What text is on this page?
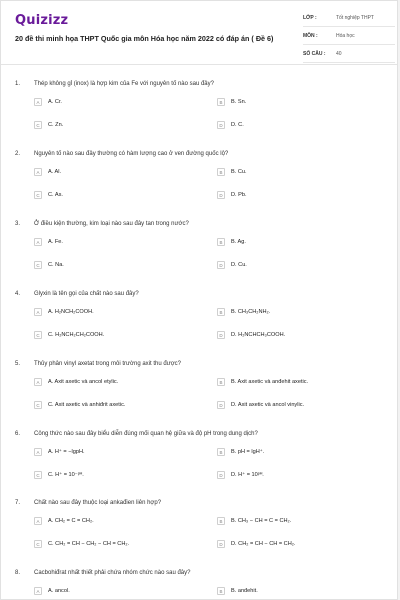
Quizizz
20 đề thi minh họa THPT Quốc gia môn Hóa học năm 2022 có đáp án ( Đề 6)
LỚP :	Tốt nghiệp THPT
MÔN :	Hóa học
SỐ CÂU :	40
1. Thép không gỉ (inox) là hợp kim của Fe với nguyên tố nào sau đây?
A	A. Cr.	B	B. Sn.
C	C. Zn.	D	D. C.
2. Nguyên tố nào sau đây thường có hàm lượng cao ở ven đường quốc lộ?
A	A. Al.	B	B. Cu.
C	C. As.	D	D. Pb.
3. Ở điều kiện thường, kim loại nào sau đây tan trong nước?
A	A. Fe.	B	B. Ag.
C	C. Na.	D	D. Cu.
4. Glyxin là tên gọi của chất nào sau đây?
A	A. H₂NCH₂COOH.	B	B. CH₃CH₂NH₂.
C	C. H₂NCH₂CH₂COOH.	D	D. H₂NCHCH₃COOH.
5. Thủy phân vinyl axetat trong môi trường axit thu được?
A	A. Axit axetic và ancol etylic.	B	B. Axit axetic và anđehit axetic.
C	C. Axit axetic và anhiđrit axetic.	D	D. Axit axetic và ancol vinylic.
6. Công thức nào sau đây biểu diễn đúng mối quan hệ giữa và độ pH trong dung dịch?
A	A. H⁺ = −lgpH.	B	B. pH = lgH⁺.
C	C. H⁺ = 10⁻ᵖᴴ.	D	D. H⁺ = 10ᵖᴴ.
7. Chất nào sau đây thuộc loại ankađien liên hợp?
A	A. CH₂ = C = CH₂.	B	B. CH₃ − CH = C = CH₂.
C	C. CH₂ = CH − CH₂ − CH = CH₂.	D	D. CH₂ = CH − CH = CH₂.
8. Cacbohiđrat nhất thiết phải chứa nhóm chức nào sau đây?
A	A. ancol.	B	B. anđehit.
